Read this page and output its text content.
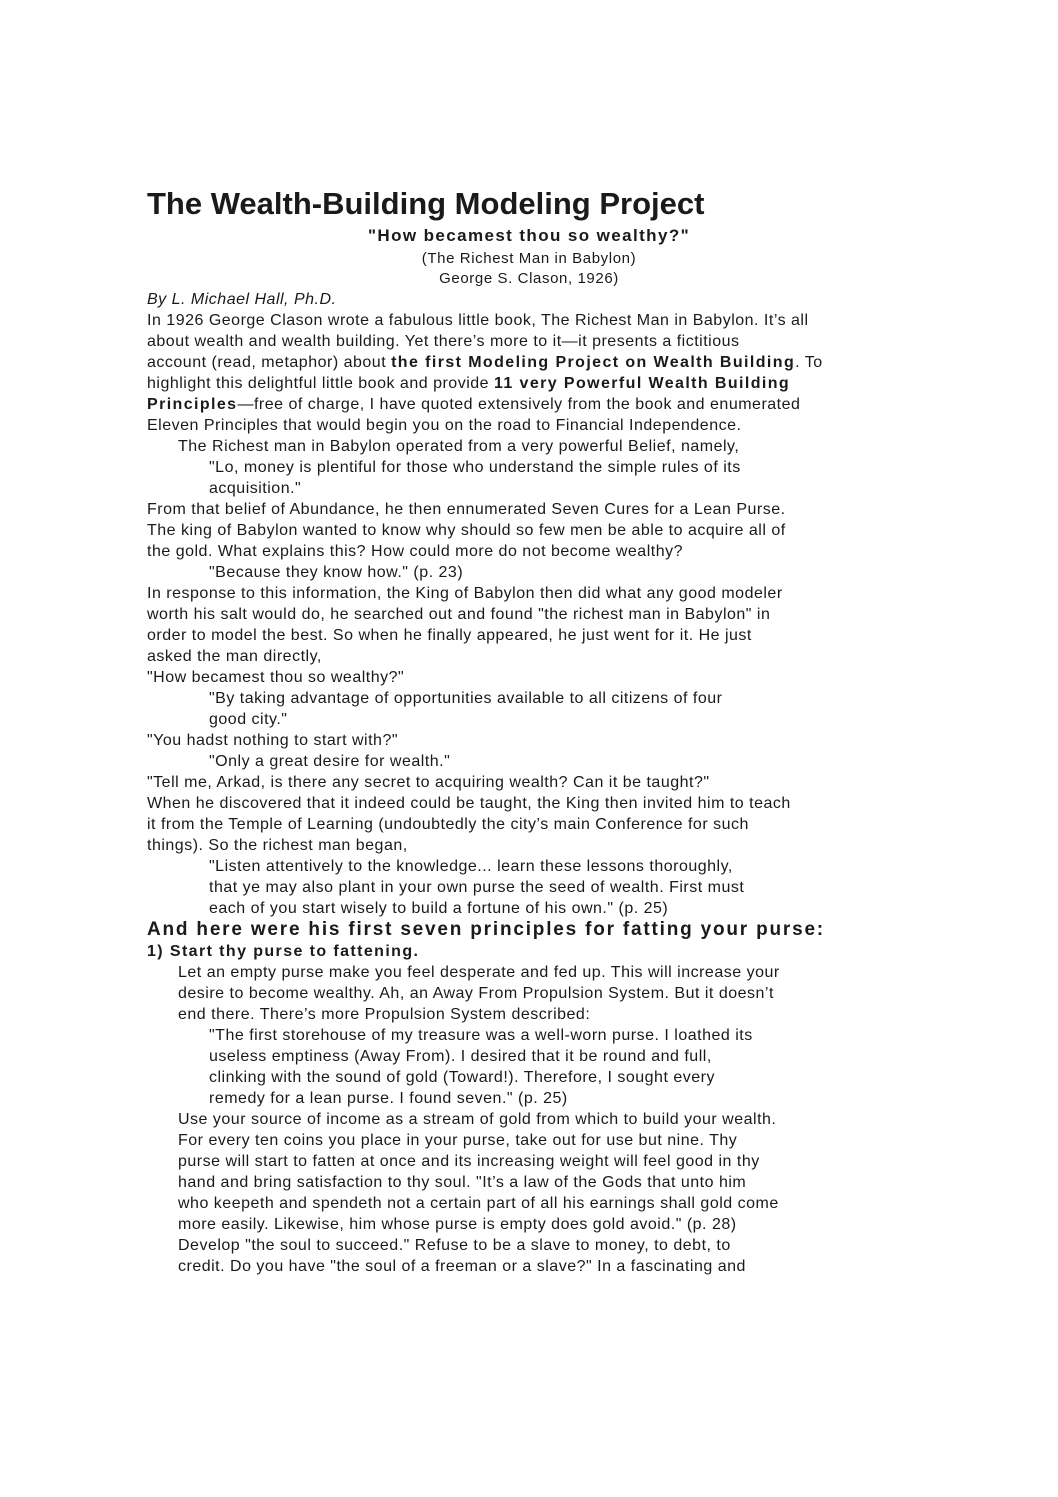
The Wealth-Building Modeling Project
"How becamest thou so wealthy?"
(The Richest Man in Babylon)
George S. Clason, 1926)
By L. Michael Hall, Ph.D.
In 1926 George Clason wrote a fabulous little book, The Richest Man in Babylon. It’s all
about wealth and wealth building. Yet there’s more to it—it presents a fictitious
account (read, metaphor) about the first Modeling Project on Wealth Building. To
highlight this delightful little book and provide 11 very Powerful Wealth Building
Principles—free of charge, I have quoted extensively from the book and enumerated
Eleven Principles that would begin you on the road to Financial Independence.
The Richest man in Babylon operated from a very powerful Belief, namely,
"Lo, money is plentiful for those who understand the simple rules of its
acquisition."
From that belief of Abundance, he then ennumerated Seven Cures for a Lean Purse.
The king of Babylon wanted to know why should so few men be able to acquire all of
the gold. What explains this? How could more do not become wealthy?
"Because they know how." (p. 23)
In response to this information, the King of Babylon then did what any good modeler
worth his salt would do, he searched out and found "the richest man in Babylon" in
order to model the best. So when he finally appeared, he just went for it. He just
asked the man directly,
"How becamest thou so wealthy?"
"By taking advantage of opportunities available to all citizens of four
good city."
"You hadst nothing to start with?"
"Only a great desire for wealth."
"Tell me, Arkad, is there any secret to acquiring wealth? Can it be taught?"
When he discovered that it indeed could be taught, the King then invited him to teach
it from the Temple of Learning (undoubtedly the city’s main Conference for such
things). So the richest man began,
"Listen attentively to the knowledge... learn these lessons thoroughly,
that ye may also plant in your own purse the seed of wealth. First must
each of you start wisely to build a fortune of his own." (p. 25)
And here were his first seven principles for fatting your purse:
1) Start thy purse to fattening.
Let an empty purse make you feel desperate and fed up. This will increase your
desire to become wealthy. Ah, an Away From Propulsion System. But it doesn’t
end there. There’s more Propulsion System described:
"The first storehouse of my treasure was a well-worn purse. I loathed its
useless emptiness (Away From). I desired that it be round and full,
clinking with the sound of gold (Toward!). Therefore, I sought every
remedy for a lean purse. I found seven." (p. 25)
Use your source of income as a stream of gold from which to build your wealth.
For every ten coins you place in your purse, take out for use but nine. Thy
purse will start to fatten at once and its increasing weight will feel good in thy
hand and bring satisfaction to thy soul. "It’s a law of the Gods that unto him
who keepeth and spendeth not a certain part of all his earnings shall gold come
more easily. Likewise, him whose purse is empty does gold avoid." (p. 28)
Develop "the soul to succeed." Refuse to be a slave to money, to debt, to
credit. Do you have "the soul of a freeman or a slave?" In a fascinating and
